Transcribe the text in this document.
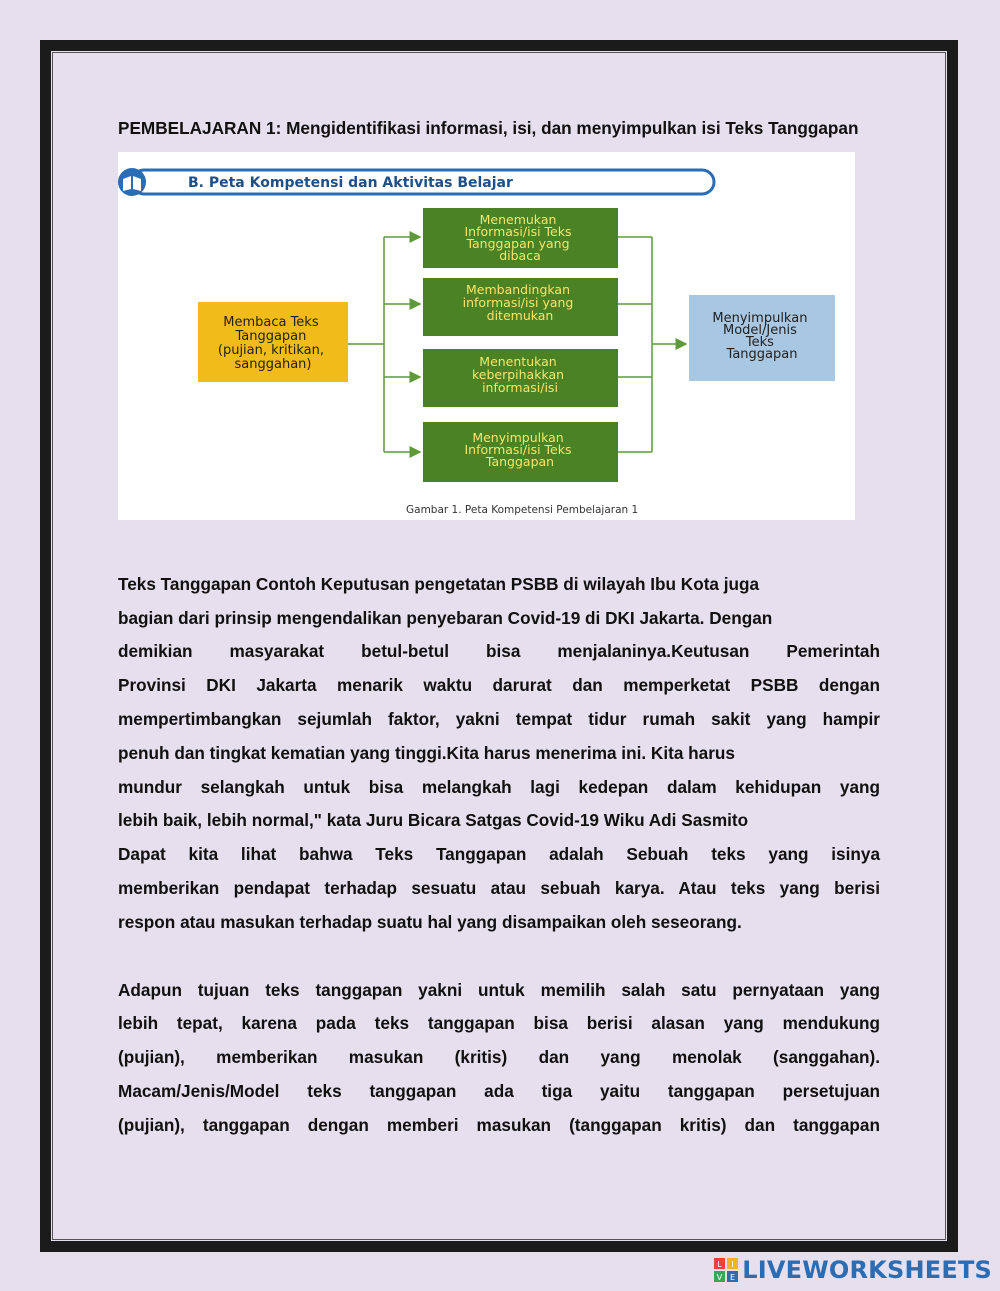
PEMBELAJARAN 1: Mengidentifikasi informasi, isi, dan menyimpulkan isi Teks Tanggapan

B. Peta Kompetensi dan Aktivitas Belajar
Membaca Teks Tanggapan (pujian, kritikan, sanggahan)
Menemukan Informasi/isi Teks Tanggapan yang dibaca
Membandingkan informasi/isi yang ditemukan
Menentukan keberpihakkan informasi/isi
Menyimpulkan Informasi/isi Teks Tanggapan
Menyimpulkan Model/Jenis Teks Tanggapan
Gambar 1. Peta Kompetensi Pembelajaran 1

Teks Tanggapan Contoh Keputusan pengetatan PSBB di wilayah Ibu Kota juga

bagian dari prinsip mengendalikan penyebaran Covid-19 di DKI Jakarta. Dengan

demikian masyarakat betul-betul bisa menjalaninya.Keutusan Pemerintah

Provinsi DKI Jakarta menarik waktu darurat dan memperketat PSBB dengan

mempertimbangkan sejumlah faktor, yakni tempat tidur rumah sakit yang hampir

penuh dan tingkat kematian yang tinggi.Kita harus menerima ini. Kita harus

mundur selangkah untuk bisa melangkah lagi kedepan dalam kehidupan yang

lebih baik, lebih normal," kata Juru Bicara Satgas Covid-19 Wiku Adi Sasmito

Dapat kita lihat bahwa Teks Tanggapan adalah Sebuah teks yang isinya

memberikan pendapat terhadap sesuatu atau sebuah karya. Atau teks yang berisi

respon atau masukan terhadap suatu hal yang disampaikan oleh seseorang.

Adapun tujuan teks tanggapan yakni untuk memilih salah satu pernyataan yang

lebih tepat, karena pada teks tanggapan bisa berisi alasan yang mendukung

(pujian), memberikan masukan (kritis) dan yang menolak (sanggahan).

Macam/Jenis/Model teks tanggapan ada tiga yaitu tanggapan persetujuan

(pujian), tanggapan dengan memberi masukan (tanggapan kritis) dan tanggapan

L I
V E LIVEWORKSHEETS
